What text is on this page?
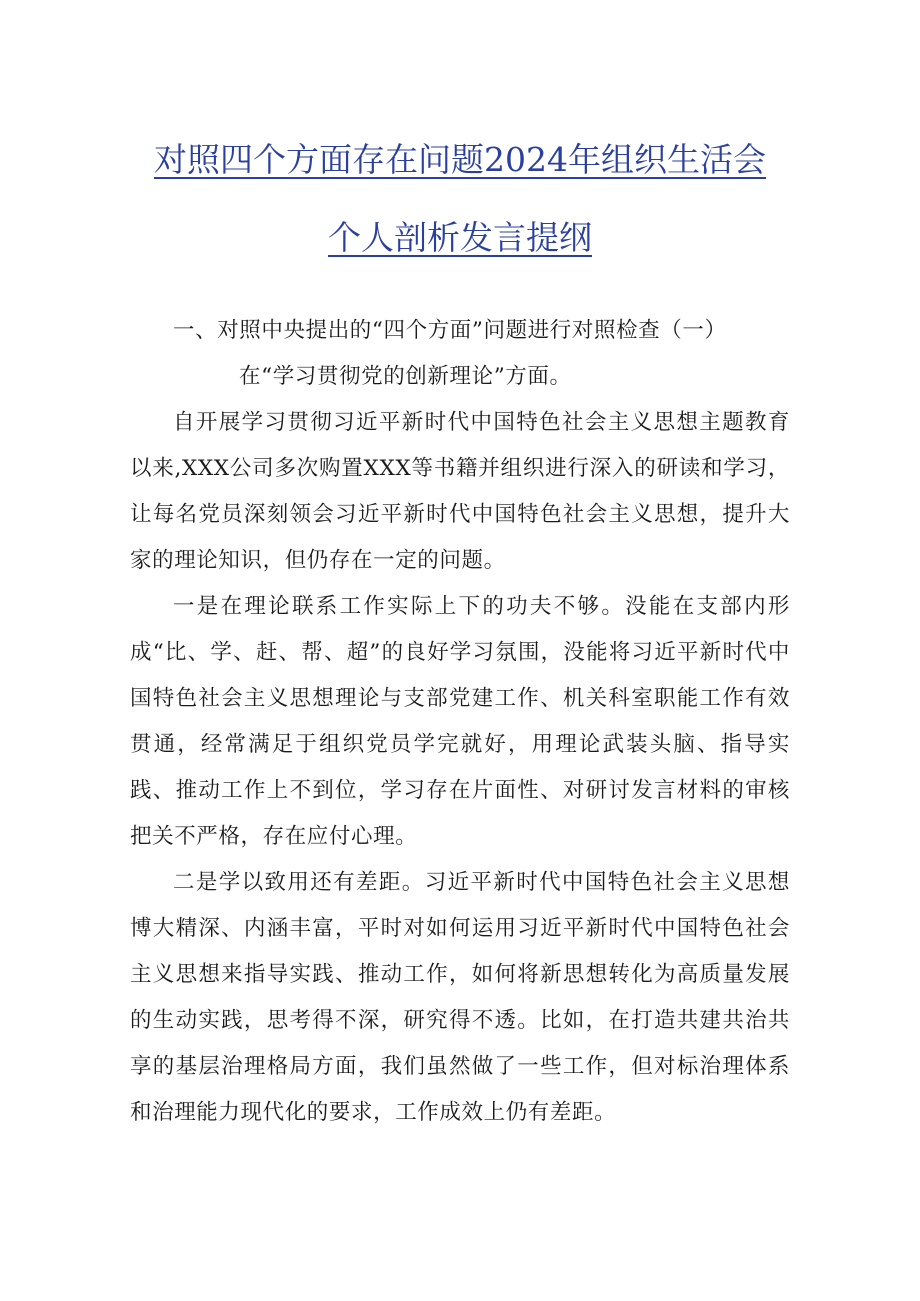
对照四个方面存在问题2024年组织生活会
个人剖析发言提纲

一、对照中央提出的“四个方面”问题进行对照检查（一）

在“学习贯彻党的创新理论”方面。

自开展学习贯彻习近平新时代中国特色社会主义思想主题教育以来,XXX公司多次购置XXX等书籍并组织进行深入的研读和学习，让每名党员深刻领会习近平新时代中国特色社会主义思想，提升大家的理论知识，但仍存在一定的问题。

一是在理论联系工作实际上下的功夫不够。没能在支部内形成“比、学、赶、帮、超”的良好学习氛围，没能将习近平新时代中国特色社会主义思想理论与支部党建工作、机关科室职能工作有效贯通，经常满足于组织党员学完就好，用理论武装头脑、指导实践、推动工作上不到位，学习存在片面性、对研讨发言材料的审核把关不严格，存在应付心理。

二是学以致用还有差距。习近平新时代中国特色社会主义思想博大精深、内涵丰富，平时对如何运用习近平新时代中国特色社会主义思想来指导实践、推动工作，如何将新思想转化为高质量发展的生动实践，思考得不深，研究得不透。比如，在打造共建共治共享的基层治理格局方面，我们虽然做了一些工作，但对标治理体系和治理能力现代化的要求，工作成效上仍有差距。
